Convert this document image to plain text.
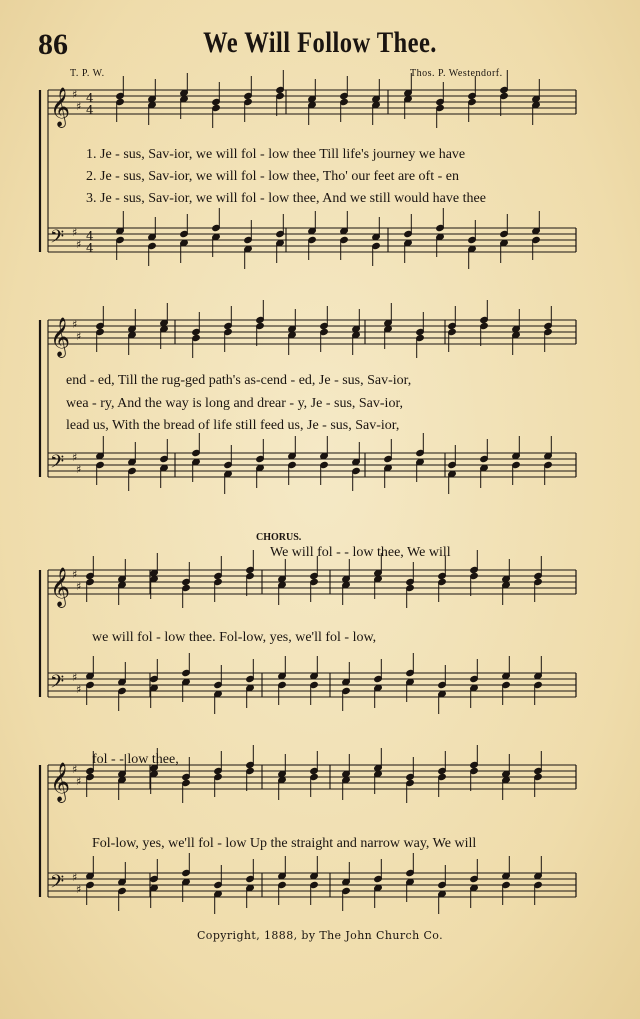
86	We Will Follow Thee.
T. P. W.	Thos. P. Westendorf.
𝄞 ♯
♯
4
4
𝄢 ♯
♯
4
4
𝄞 ♯
♯
𝄢 ♯
♯
𝄞 ♯
♯
𝄢 ♯
♯
𝄞 ♯
♯
𝄢 ♯
♯
1. Je - sus, Sav-ior, we will fol - low thee Till life's journey we have
2. Je - sus, Sav-ior, we will fol - low thee, Tho' our feet are oft - en
3. Je - sus, Sav-ior, we will fol - low thee, And we still would have thee
end - ed, Till the rug-ged path's as-cend - ed, Je - sus, Sav-ior,
wea - ry, And the way is long and drear - y, Je - sus, Sav-ior,
lead us, With the bread of life still feed us, Je - sus, Sav-ior,
CHORUS.
We will fol - - low thee, We will
we will fol - low thee. Fol-low, yes, we'll fol - low,
fol - - low thee,
Fol-low, yes, we'll fol - low Up the straight and narrow way, We will
Copyright, 1888, by The John Church Co.
